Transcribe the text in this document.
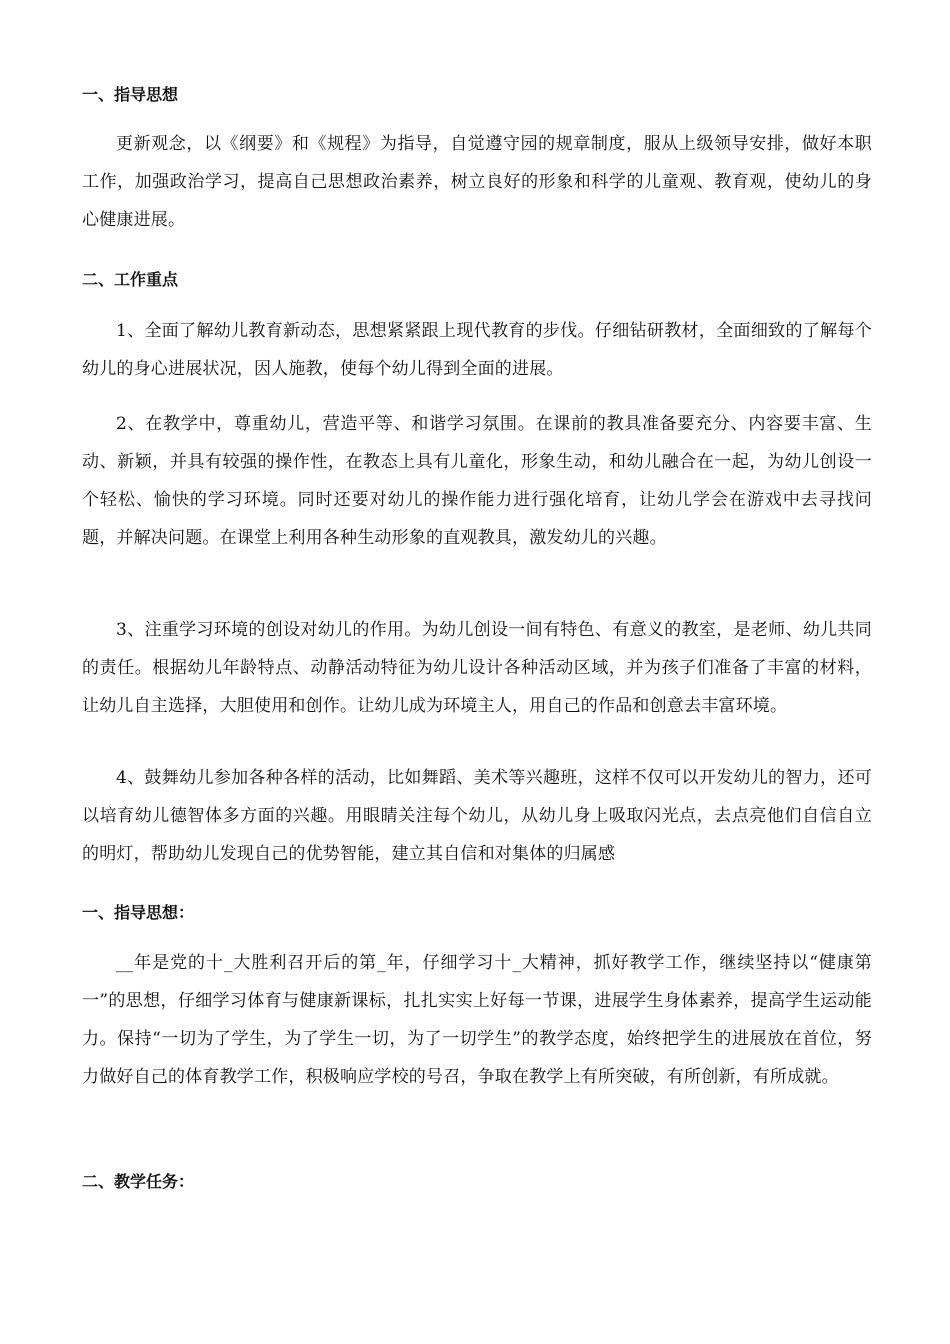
一、指导思想

更新观念，以《纲要》和《规程》为指导，自觉遵守园的规章制度，服从上级领导安排，做好本职工作，加强政治学习，提高自己思想政治素养，树立良好的形象和科学的儿童观、教育观，使幼儿的身心健康进展。

二、工作重点

1、全面了解幼儿教育新动态，思想紧紧跟上现代教育的步伐。仔细钻研教材，全面细致的了解每个幼儿的身心进展状况，因人施教，使每个幼儿得到全面的进展。

2、在教学中，尊重幼儿，营造平等、和谐学习氛围。在课前的教具准备要充分、内容要丰富、生动、新颖，并具有较强的操作性，在教态上具有儿童化，形象生动，和幼儿融合在一起，为幼儿创设一个轻松、愉快的学习环境。同时还要对幼儿的操作能力进行强化培育，让幼儿学会在游戏中去寻找问题，并解决问题。在课堂上利用各种生动形象的直观教具，激发幼儿的兴趣。

3、注重学习环境的创设对幼儿的作用。为幼儿创设一间有特色、有意义的教室，是老师、幼儿共同的责任。根据幼儿年龄特点、动静活动特征为幼儿设计各种活动区域，并为孩子们准备了丰富的材料，让幼儿自主选择，大胆使用和创作。让幼儿成为环境主人，用自己的作品和创意去丰富环境。

4、鼓舞幼儿参加各种各样的活动，比如舞蹈、美术等兴趣班，这样不仅可以开发幼儿的智力，还可以培育幼儿德智体多方面的兴趣。用眼睛关注每个幼儿，从幼儿身上吸取闪光点，去点亮他们自信自立的明灯，帮助幼儿发现自己的优势智能，建立其自信和对集体的归属感

一、指导思想：

__年是党的十_大胜利召开后的第_年，仔细学习十_大精神，抓好教学工作，继续坚持以“健康第一”的思想，仔细学习体育与健康新课标，扎扎实实上好每一节课，进展学生身体素养，提高学生运动能力。保持“一切为了学生，为了学生一切，为了一切学生”的教学态度，始终把学生的进展放在首位，努力做好自己的体育教学工作，积极响应学校的号召，争取在教学上有所突破，有所创新，有所成就。

二、教学任务：
